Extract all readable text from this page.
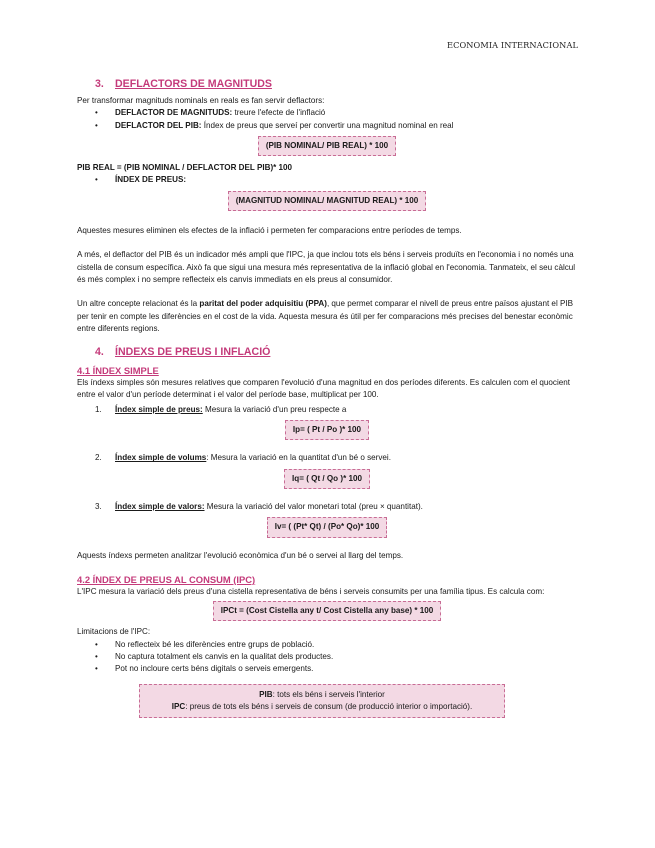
ECONOMIA INTERNACIONAL
3. DEFLACTORS DE MAGNITUDS

Per transformar magnituds nominals en reals es fan servir deflactors:

• DEFLACTOR DE MAGNITUDS: treure l'efecte de l'inflació
• DEFLACTOR DEL PIB: Índex de preus que serveí per convertir una magnitud nominal en real
(PIB NOMINAL/ PIB REAL) * 100

PIB REAL = (PIB NOMINAL / DEFLACTOR DEL PIB)* 100

• ÍNDEX DE PREUS:
(MAGNITUD NOMINAL/ MAGNITUD REAL) * 100

Aquestes mesures eliminen els efectes de la inflació i permeten fer comparacions entre períodes de temps.

A més, el deflactor del PIB és un indicador més ampli que l'IPC, ja que inclou tots els béns i serveis produïts en l'economia i no només una cistella de consum específica. Això fa que sigui una mesura més representativa de la inflació global en l'economia. Tanmateix, el seu càlcul és més complex i no sempre reflecteix els canvis immediats en els preus al consumidor.

Un altre concepte relacionat és la paritat del poder adquisitiu (PPA), que permet comparar el nivell de preus entre països ajustant el PIB per tenir en compte les diferències en el cost de la vida. Aquesta mesura és útil per fer comparacions més precises del benestar econòmic entre diferents regions.

4. ÍNDEXS DE PREUS I INFLACIÓ
4.1 ÍNDEX SIMPLE

Els índexs simples són mesures relatives que comparen l'evolució d'una magnitud en dos períodes diferents. Es calculen com el quocient entre el valor d'un període determinat i el valor del període base, multiplicat per 100.

1. Índex simple de preus: Mesura la variació d'un preu respecte a
Ip= ( Pt / Po )* 100
2. Índex simple de volums: Mesura la variació en la quantitat d'un bé o servei.
Iq= ( Qt / Qo )* 100
3. Índex simple de valors: Mesura la variació del valor monetari total (preu × quantitat).
Iv= ( (Pt* Qt) / (Po* Qo)* 100

Aquests índexs permeten analitzar l'evolució econòmica d'un bé o servei al llarg del temps.

4.2 ÍNDEX DE PREUS AL CONSUM (IPC)

L'IPC mesura la variació dels preus d'una cistella representativa de béns i serveis consumits per una família tipus. Es calcula com:

IPCt = (Cost Cistella any t/ Cost Cistella any base) * 100

Limitacions de l'IPC:

• No reflecteix bé les diferències entre grups de població.
• No captura totalment els canvis en la qualitat dels productes.
• Pot no incloure certs béns digitals o serveis emergents.
PIB: tots els béns i serveis l'interior
IPC: preus de tots els béns i serveis de consum (de producció interior o importació).
